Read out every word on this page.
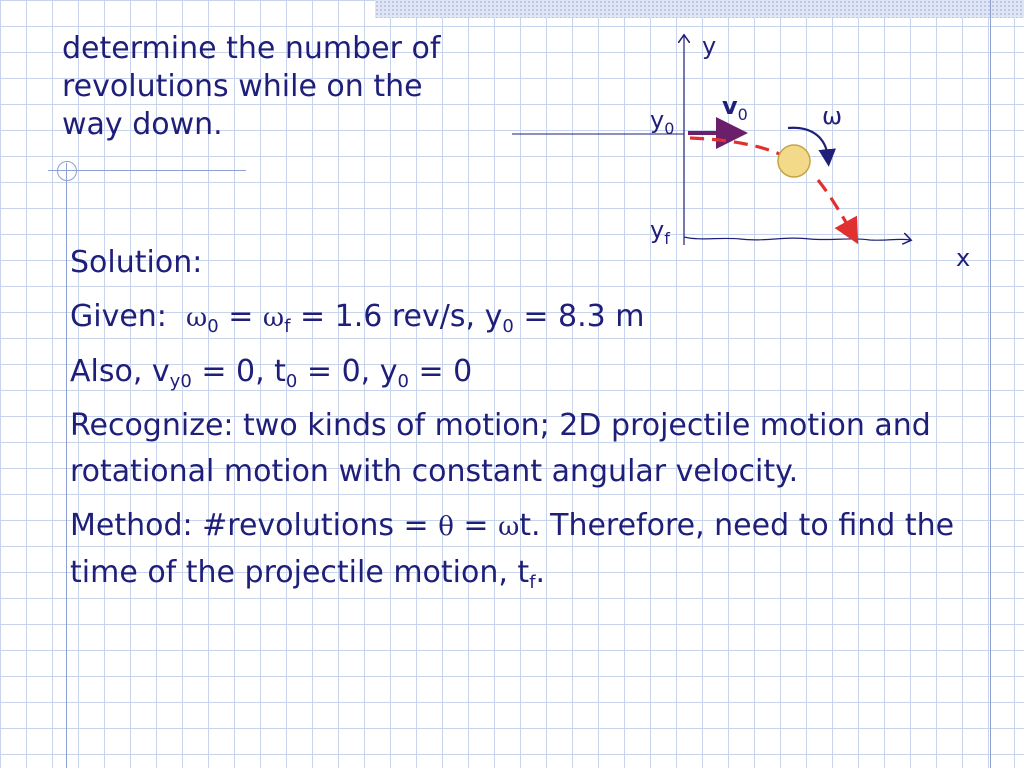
determine the number of revolutions while on the way down.
y
x
$y_0$
$y_f$
$v_0$	ω

Solution:

Given: $\omega_0 = \omega_f = 1.6$ rev/s, $y_0 = 8.3$ m

Also, $v_{y0} = 0$, $t_0 = 0$, $y_0 = 0$

Recognize: two kinds of motion; 2D projectile motion and rotational motion with constant angular velocity.

Method: #revolutions = θ = ωt. Therefore, need to find the time of the projectile motion, $t_f$.
